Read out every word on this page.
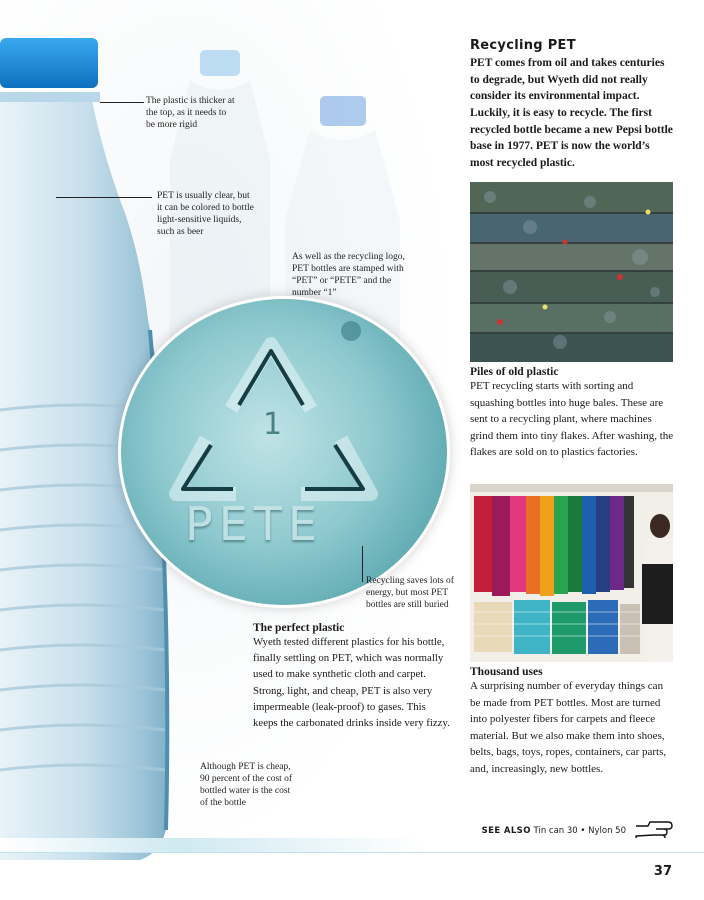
The plastic is thicker at the top, as it needs to be more rigid
PET is usually clear, but it can be colored to bottle light-sensitive liquids, such as beer
As well as the recycling logo, PET bottles are stamped with “PET” or “PETE” and the number “1”
1
PETE
Recycling saves lots of energy, but most PET bottles are still buried

The perfect plastic

Wyeth tested different plastics for his bottle, finally settling on PET, which was normally used to make synthetic cloth and carpet. Strong, light, and cheap, PET is also very impermeable (leak-proof) to gases. This keeps the carbonated drinks inside very fizzy.

Although PET is cheap, 90 percent of the cost of bottled water is the cost of the bottle
Recycling PET

PET comes from oil and takes centuries to degrade, but Wyeth did not really consider its environmental impact. Luckily, it is easy to recycle. The first recycled bottle became a new Pepsi bottle base in 1977. PET is now the world’s most recycled plastic.

Piles of old plastic

PET recycling starts with sorting and squashing bottles into huge bales. These are sent to a recycling plant, where machines grind them into tiny flakes. After washing, the flakes are sold on to plastics factories.

Thousand uses

A surprising number of everyday things can be made from PET bottles. Most are turned into polyester fibers for carpets and fleece material. But we also make them into shoes, belts, bags, toys, ropes, containers, car parts, and, increasingly, new bottles.

SEE ALSO Tin can 30 • Nylon 50
37
